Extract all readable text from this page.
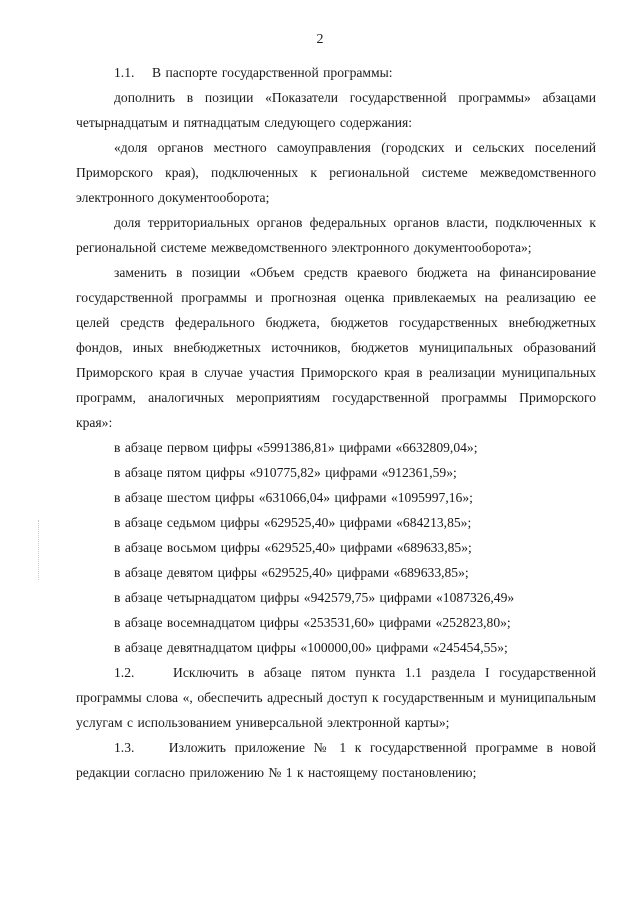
2

1.1. В паспорте государственной программы:

дополнить в позиции «Показатели государственной программы» абзацами четырнадцатым и пятнадцатым следующего содержания:

«доля органов местного самоуправления (городских и сельских поселений Приморского края), подключенных к региональной системе межведомственного электронного документооборота;

доля территориальных органов федеральных органов власти, подключенных к региональной системе межведомственного электронного документооборота»;

заменить в позиции «Объем средств краевого бюджета на финансирование государственной программы и прогнозная оценка привлекаемых на реализацию ее целей средств федерального бюджета, бюджетов государственных внебюджетных фондов, иных внебюджетных источников, бюджетов муниципальных образований Приморского края в случае участия Приморского края в реализации муниципальных программ, аналогичных мероприятиям государственной программы Приморского края»:

в абзаце первом цифры «5991386,81» цифрами «6632809,04»;
в абзаце пятом цифры «910775,82» цифрами «912361,59»;
в абзаце шестом цифры «631066,04» цифрами «1095997,16»;
в абзаце седьмом цифры «629525,40» цифрами «684213,85»;
в абзаце восьмом цифры «629525,40» цифрами «689633,85»;
в абзаце девятом цифры «629525,40» цифрами «689633,85»;
в абзаце четырнадцатом цифры «942579,75» цифрами «1087326,49»
в абзаце восемнадцатом цифры «253531,60» цифрами «252823,80»;
в абзаце девятнадцатом цифры «100000,00» цифрами «245454,55»;

1.2.	Исключить в абзаце пятом пункта 1.1 раздела I государственной программы слова «, обеспечить адресный доступ к государственным и муниципальным услугам с использованием универсальной электронной карты»;

1.3.	Изложить приложение № 1 к государственной программе в новой редакции согласно приложению № 1 к настоящему постановлению;
